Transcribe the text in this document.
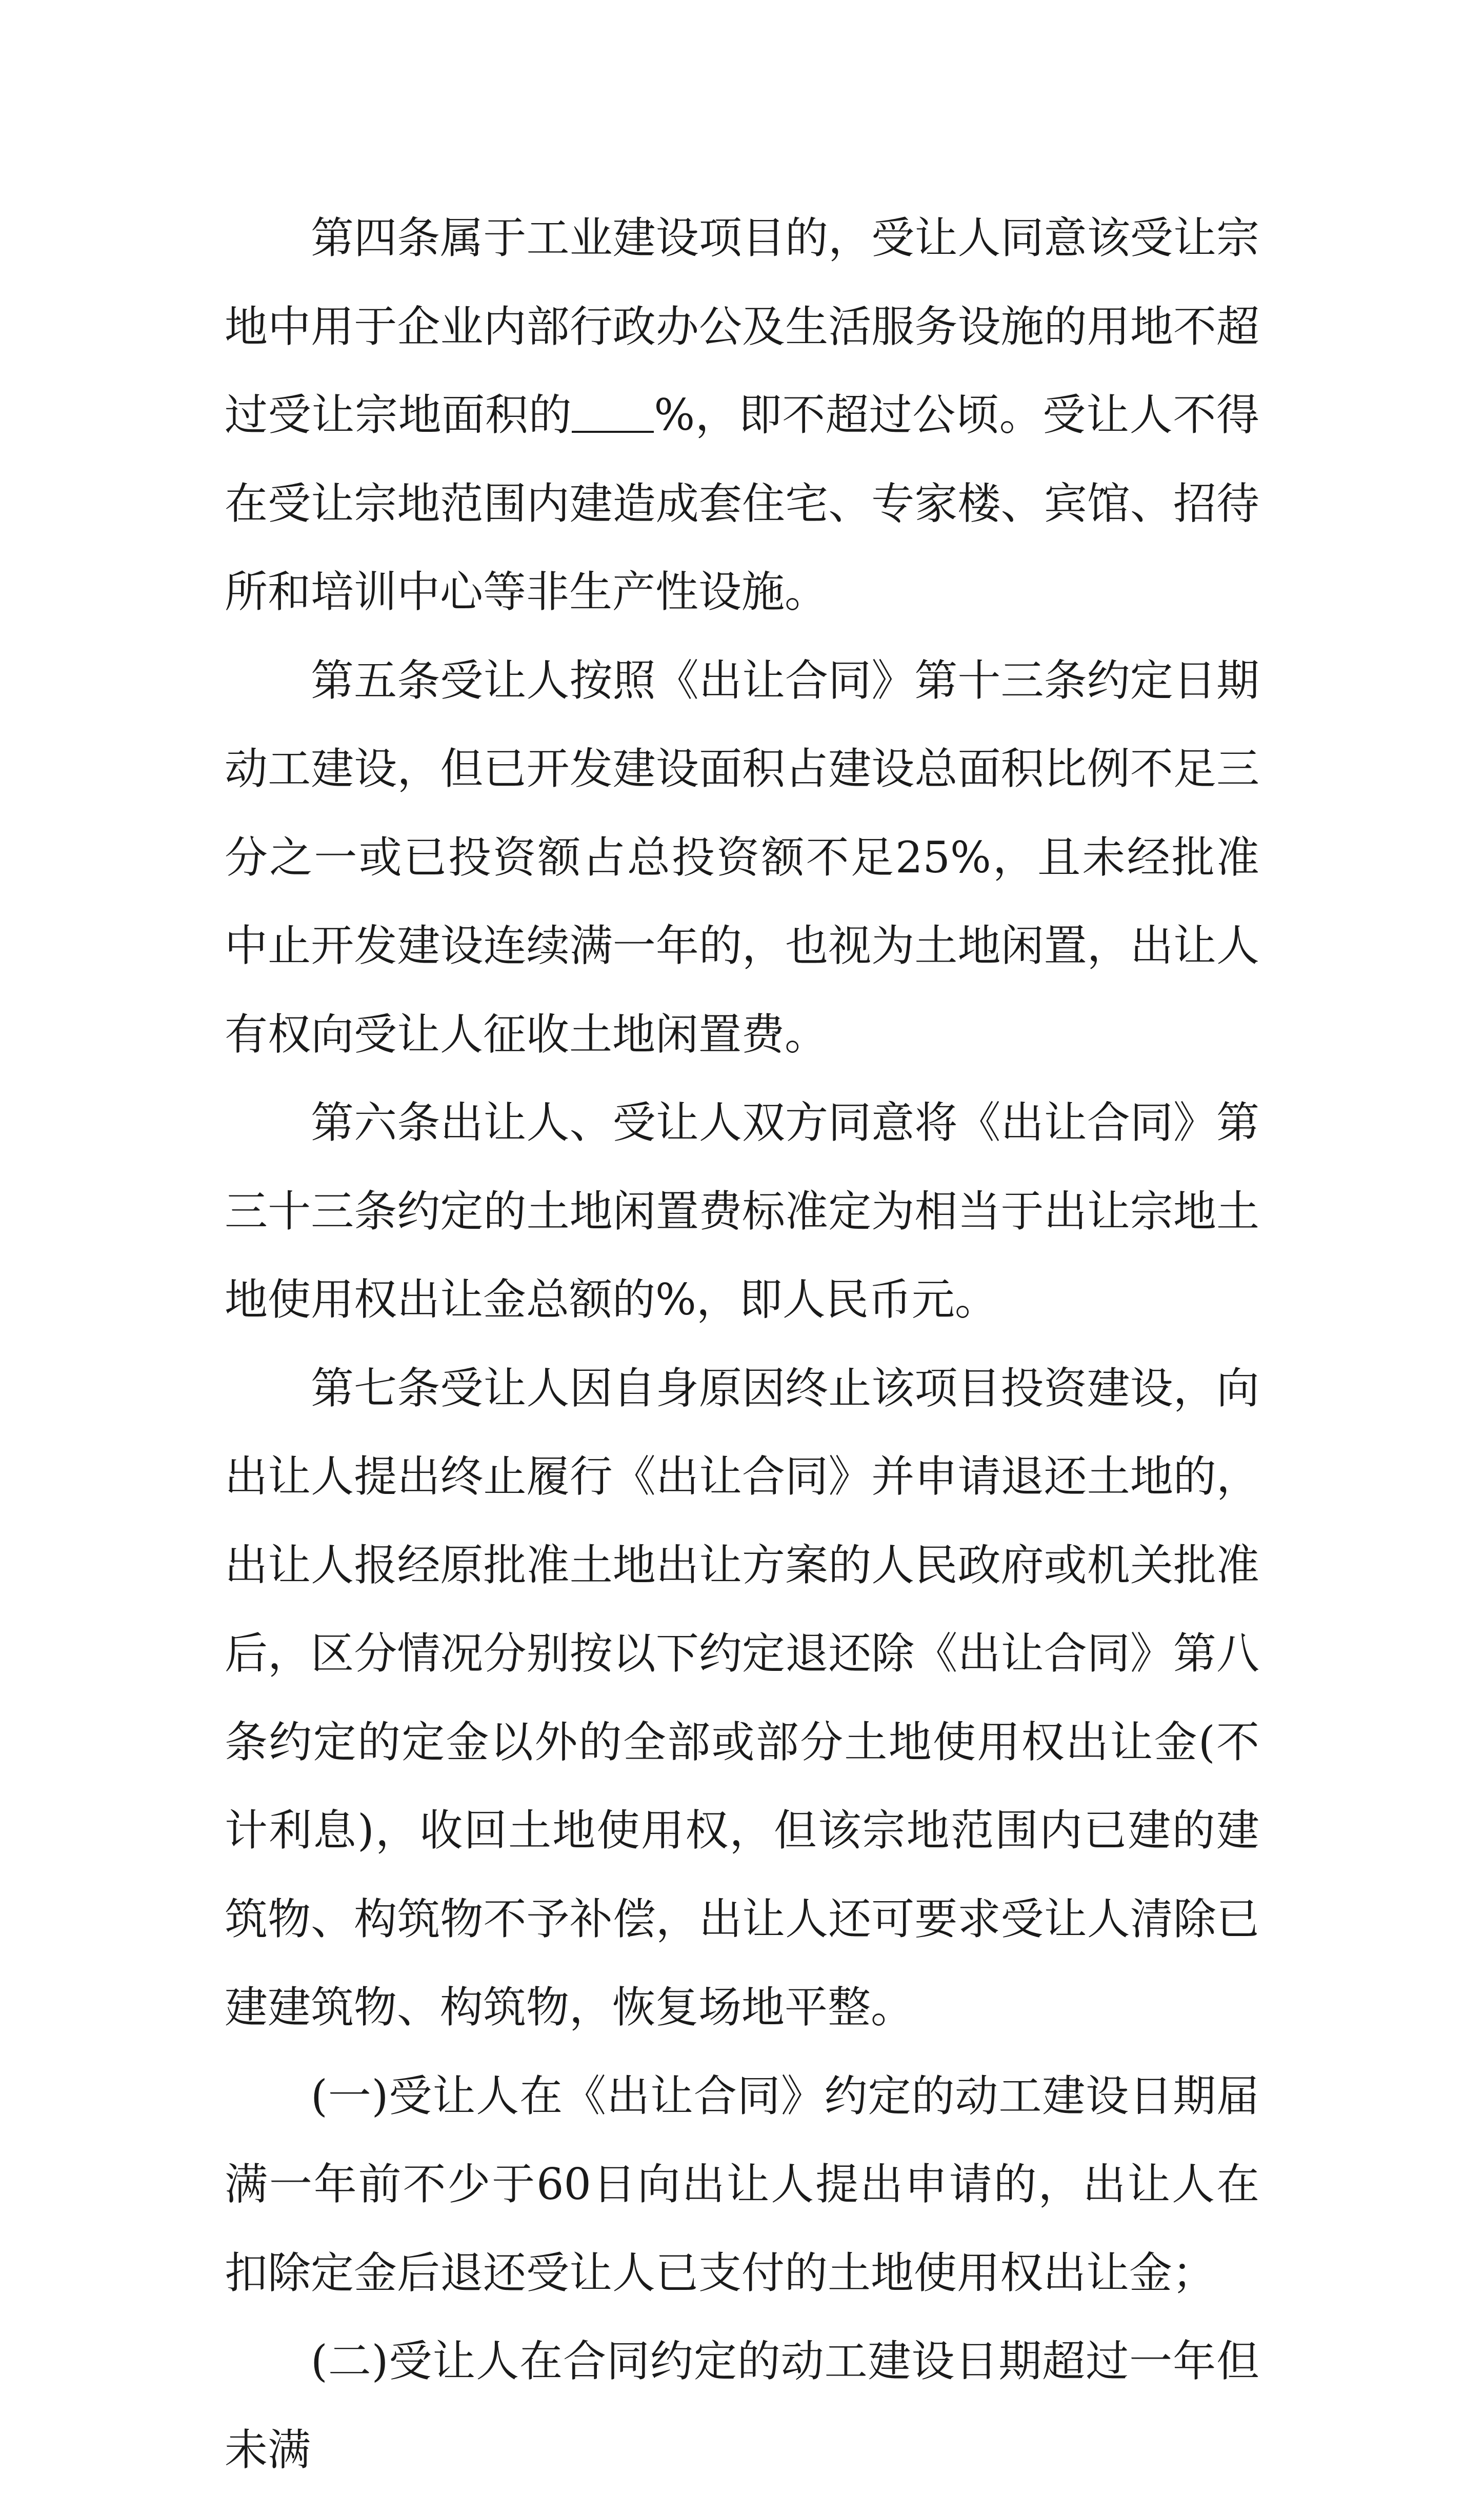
第四条属于工业建设项目的，受让人同意该受让宗地中用于企业内部行政办公及生活服务设施的用地不超过受让宗地面积的 %，即不超过公顷。受让人不得在受让宗地范围内建造成套住宅、专家楼、宾馆、招待所和培训中心等非生产性设施。

第五条受让人按照《出让合同》第十三条约定日期动工建设，但已开发建设面积占建设总面积比例不足三分之一或已投资额占总投资额不足25%，且未经批准中止开发建设连续满一年的，也视为土地闲置，出让人有权向受让人征收土地闲置费。

第六条出让人、受让人双方同意将《出让合同》第三十三条约定的土地闲置费标准定为相当于出让宗地土地使用权出让金总额的%，即人民币元。

第七条受让人因自身原因终止该项目投资建设，向出让人提出终止履行《出让合同》并申请退还土地的，出让人报经原批准土地出让方案的人民政府或机关批准后，区分情况分别按以下约定退还除《出让合同》第八条约定的定金以外的全部或部分土地使用权出让金(不计利息)，收回土地使用权，但该宗地范围内已建的建筑物、构筑物不予补偿，出让人还可要求受让人清除已建建筑物、构筑物，恢复场地平整。

(一)受让人在《出让合同》约定的动工建设日期届满一年前不少于60日向出让人提出申请的，出让人在扣除定金后退还受让人已支付的土地使用权出让金；

(二)受让人在合同约定的动工建设日期超过一年但未满
